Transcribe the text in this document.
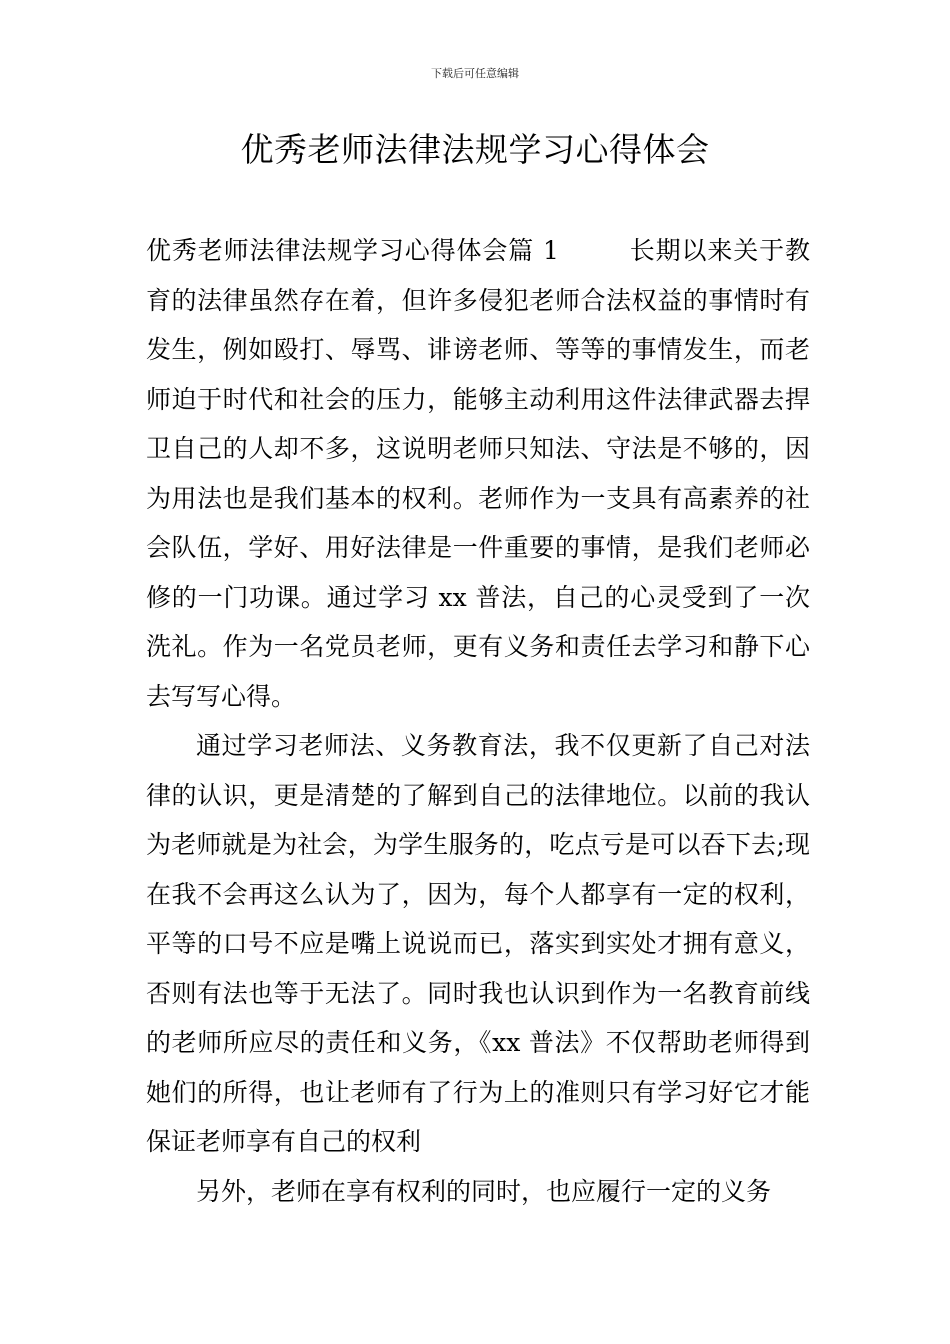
下载后可任意编辑
优秀老师法律法规学习心得体会

优秀老师法律法规学习心得体会篇 1	长期以来关于教育的法律虽然存在着，但许多侵犯老师合法权益的事情时有发生，例如殴打、辱骂、诽谤老师、等等的事情发生，而老师迫于时代和社会的压力，能够主动利用这件法律武器去捍卫自己的人却不多，这说明老师只知法、守法是不够的，因为用法也是我们基本的权利。老师作为一支具有高素养的社会队伍，学好、用好法律是一件重要的事情，是我们老师必修的一门功课。通过学习 xx 普法，自己的心灵受到了一次洗礼。作为一名党员老师，更有义务和责任去学习和静下心去写写心得。

通过学习老师法、义务教育法，我不仅更新了自己对法律的认识，更是清楚的了解到自己的法律地位。以前的我认为老师就是为社会，为学生服务的，吃点亏是可以吞下去;现在我不会再这么认为了，因为，每个人都享有一定的权利，平等的口号不应是嘴上说说而已，落实到实处才拥有意义，否则有法也等于无法了。同时我也认识到作为一名教育前线的老师所应尽的责任和义务，《xx 普法》不仅帮助老师得到她们的所得，也让老师有了行为上的准则只有学习好它才能保证老师享有自己的权利

另外，老师在享有权利的同时，也应履行一定的义务
